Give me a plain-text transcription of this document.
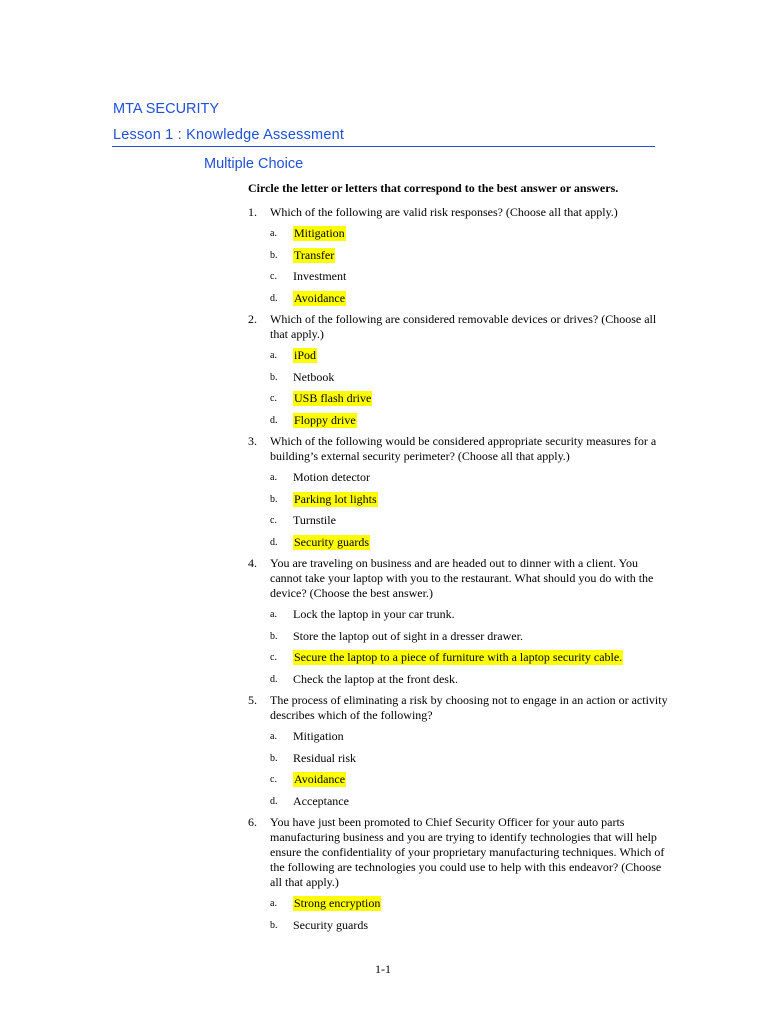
MTA SECURITY
Lesson 1 : Knowledge Assessment
Multiple Choice
Circle the letter or letters that correspond to the best answer or answers.
1.	Which of the following are valid risk responses? (Choose all that apply.)
a.	Mitigation
b.	Transfer
c.	Investment
d.	Avoidance
2.	Which of the following are considered removable devices or drives? (Choose all that apply.)
a.	iPod
b.	Netbook
c.	USB flash drive
d.	Floppy drive
3.	Which of the following would be considered appropriate security measures for a building’s external security perimeter? (Choose all that apply.)
a.	Motion detector
b.	Parking lot lights
c.	Turnstile
d.	Security guards
4.	You are traveling on business and are headed out to dinner with a client. You cannot take your laptop with you to the restaurant. What should you do with the device? (Choose the best answer.)
a.	Lock the laptop in your car trunk.
b.	Store the laptop out of sight in a dresser drawer.
c.	Secure the laptop to a piece of furniture with a laptop security cable.
d.	Check the laptop at the front desk.
5.	The process of eliminating a risk by choosing not to engage in an action or activity describes which of the following?
a.	Mitigation
b.	Residual risk
c.	Avoidance
d.	Acceptance
6.	You have just been promoted to Chief Security Officer for your auto parts manufacturing business and you are trying to identify technologies that will help ensure the confidentiality of your proprietary manufacturing techniques. Which of the following are technologies you could use to help with this endeavor? (Choose all that apply.)
a.	Strong encryption
b.	Security guards
1-1
